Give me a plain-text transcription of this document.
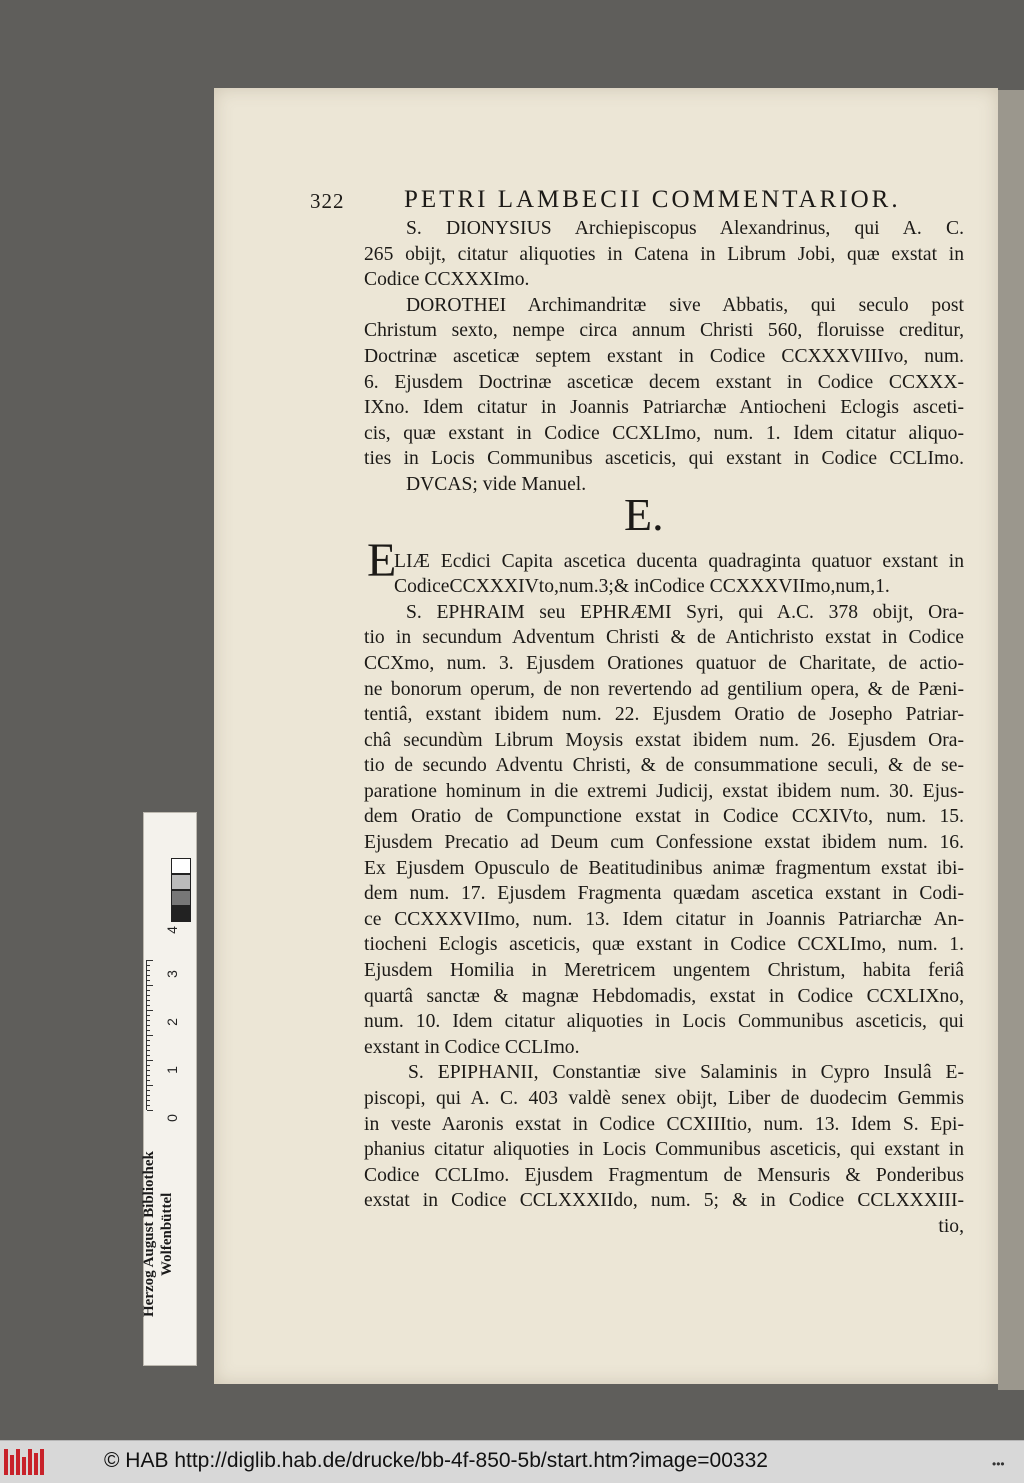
322 PETRI LAMBECII COMMENTARIOR.
E.
E
S. DIONYSIUS Archiepiscopus Alexandrinus, qui A. C.
265 obijt, citatur aliquoties in Catena in Librum Jobi, quæ exstat in
Codice CCXXXImo.
DOROTHEI Archimandritæ sive Abbatis, qui seculo post
Christum sexto, nempe circa annum Christi 560, floruisse creditur,
Doctrinæ asceticæ septem exstant in Codice CCXXXVIIIvo, num.
6. Ejusdem Doctrinæ asceticæ decem exstant in Codice CCXXX-
IXno. Idem citatur in Joannis Patriarchæ Antiocheni Eclogis asceti-
cis, quæ exstant in Codice CCXLImo, num. 1. Idem citatur aliquo-
ties in Locis Communibus asceticis, qui exstant in Codice CCLImo.
DVCAS; vide Manuel.
LIÆ Ecdici Capita ascetica ducenta quadraginta quatuor exstant in
CodiceCCXXXIVto,num.3;& inCodice CCXXXVIImo,num,1.
S. EPHRAIM seu EPHRÆMI Syri, qui A.C. 378 obijt, Ora-
tio in secundum Adventum Christi & de Antichristo exstat in Codice
CCXmo, num. 3. Ejusdem Orationes quatuor de Charitate, de actio-
ne bonorum operum, de non revertendo ad gentilium opera, & de Pæni-
tentiâ, exstant ibidem num. 22. Ejusdem Oratio de Josepho Patriar-
châ secundùm Librum Moysis exstat ibidem num. 26. Ejusdem Ora-
tio de secundo Adventu Christi, & de consummatione seculi, & de se-
paratione hominum in die extremi Judicij, exstat ibidem num. 30. Ejus-
dem Oratio de Compunctione exstat in Codice CCXIVto, num. 15.
Ejusdem Precatio ad Deum cum Confessione exstat ibidem num. 16.
Ex Ejusdem Opusculo de Beatitudinibus animæ fragmentum exstat ibi-
dem num. 17. Ejusdem Fragmenta quædam ascetica exstant in Codi-
ce CCXXXVIImo, num. 13. Idem citatur in Joannis Patriarchæ An-
tiocheni Eclogis asceticis, quæ exstant in Codice CCXLImo, num. 1.
Ejusdem Homilia in Meretricem ungentem Christum, habita feriâ
quartâ sanctæ & magnæ Hebdomadis, exstat in Codice CCXLIXno,
num. 10. Idem citatur aliquoties in Locis Communibus asceticis, qui
exstant in Codice CCLImo.
S. EPIPHANII, Constantiæ sive Salaminis in Cypro Insulâ E-
piscopi, qui A. C. 403 valdè senex obijt, Liber de duodecim Gemmis
in veste Aaronis exstat in Codice CCXIIItio, num. 13. Idem S. Epi-
phanius citatur aliquoties in Locis Communibus asceticis, qui exstant in
Codice CCLImo. Ejusdem Fragmentum de Mensuris & Ponderibus
exstat in Codice CCLXXXIIdo, num. 5; & in Codice CCLXXXIII-
tio,
0
1
2
3
4
Herzog August Bibliothek Wolfenbüttel
© HAB http://diglib.hab.de/drucke/bb-4f-850-5b/start.htm?image=00332	•••
